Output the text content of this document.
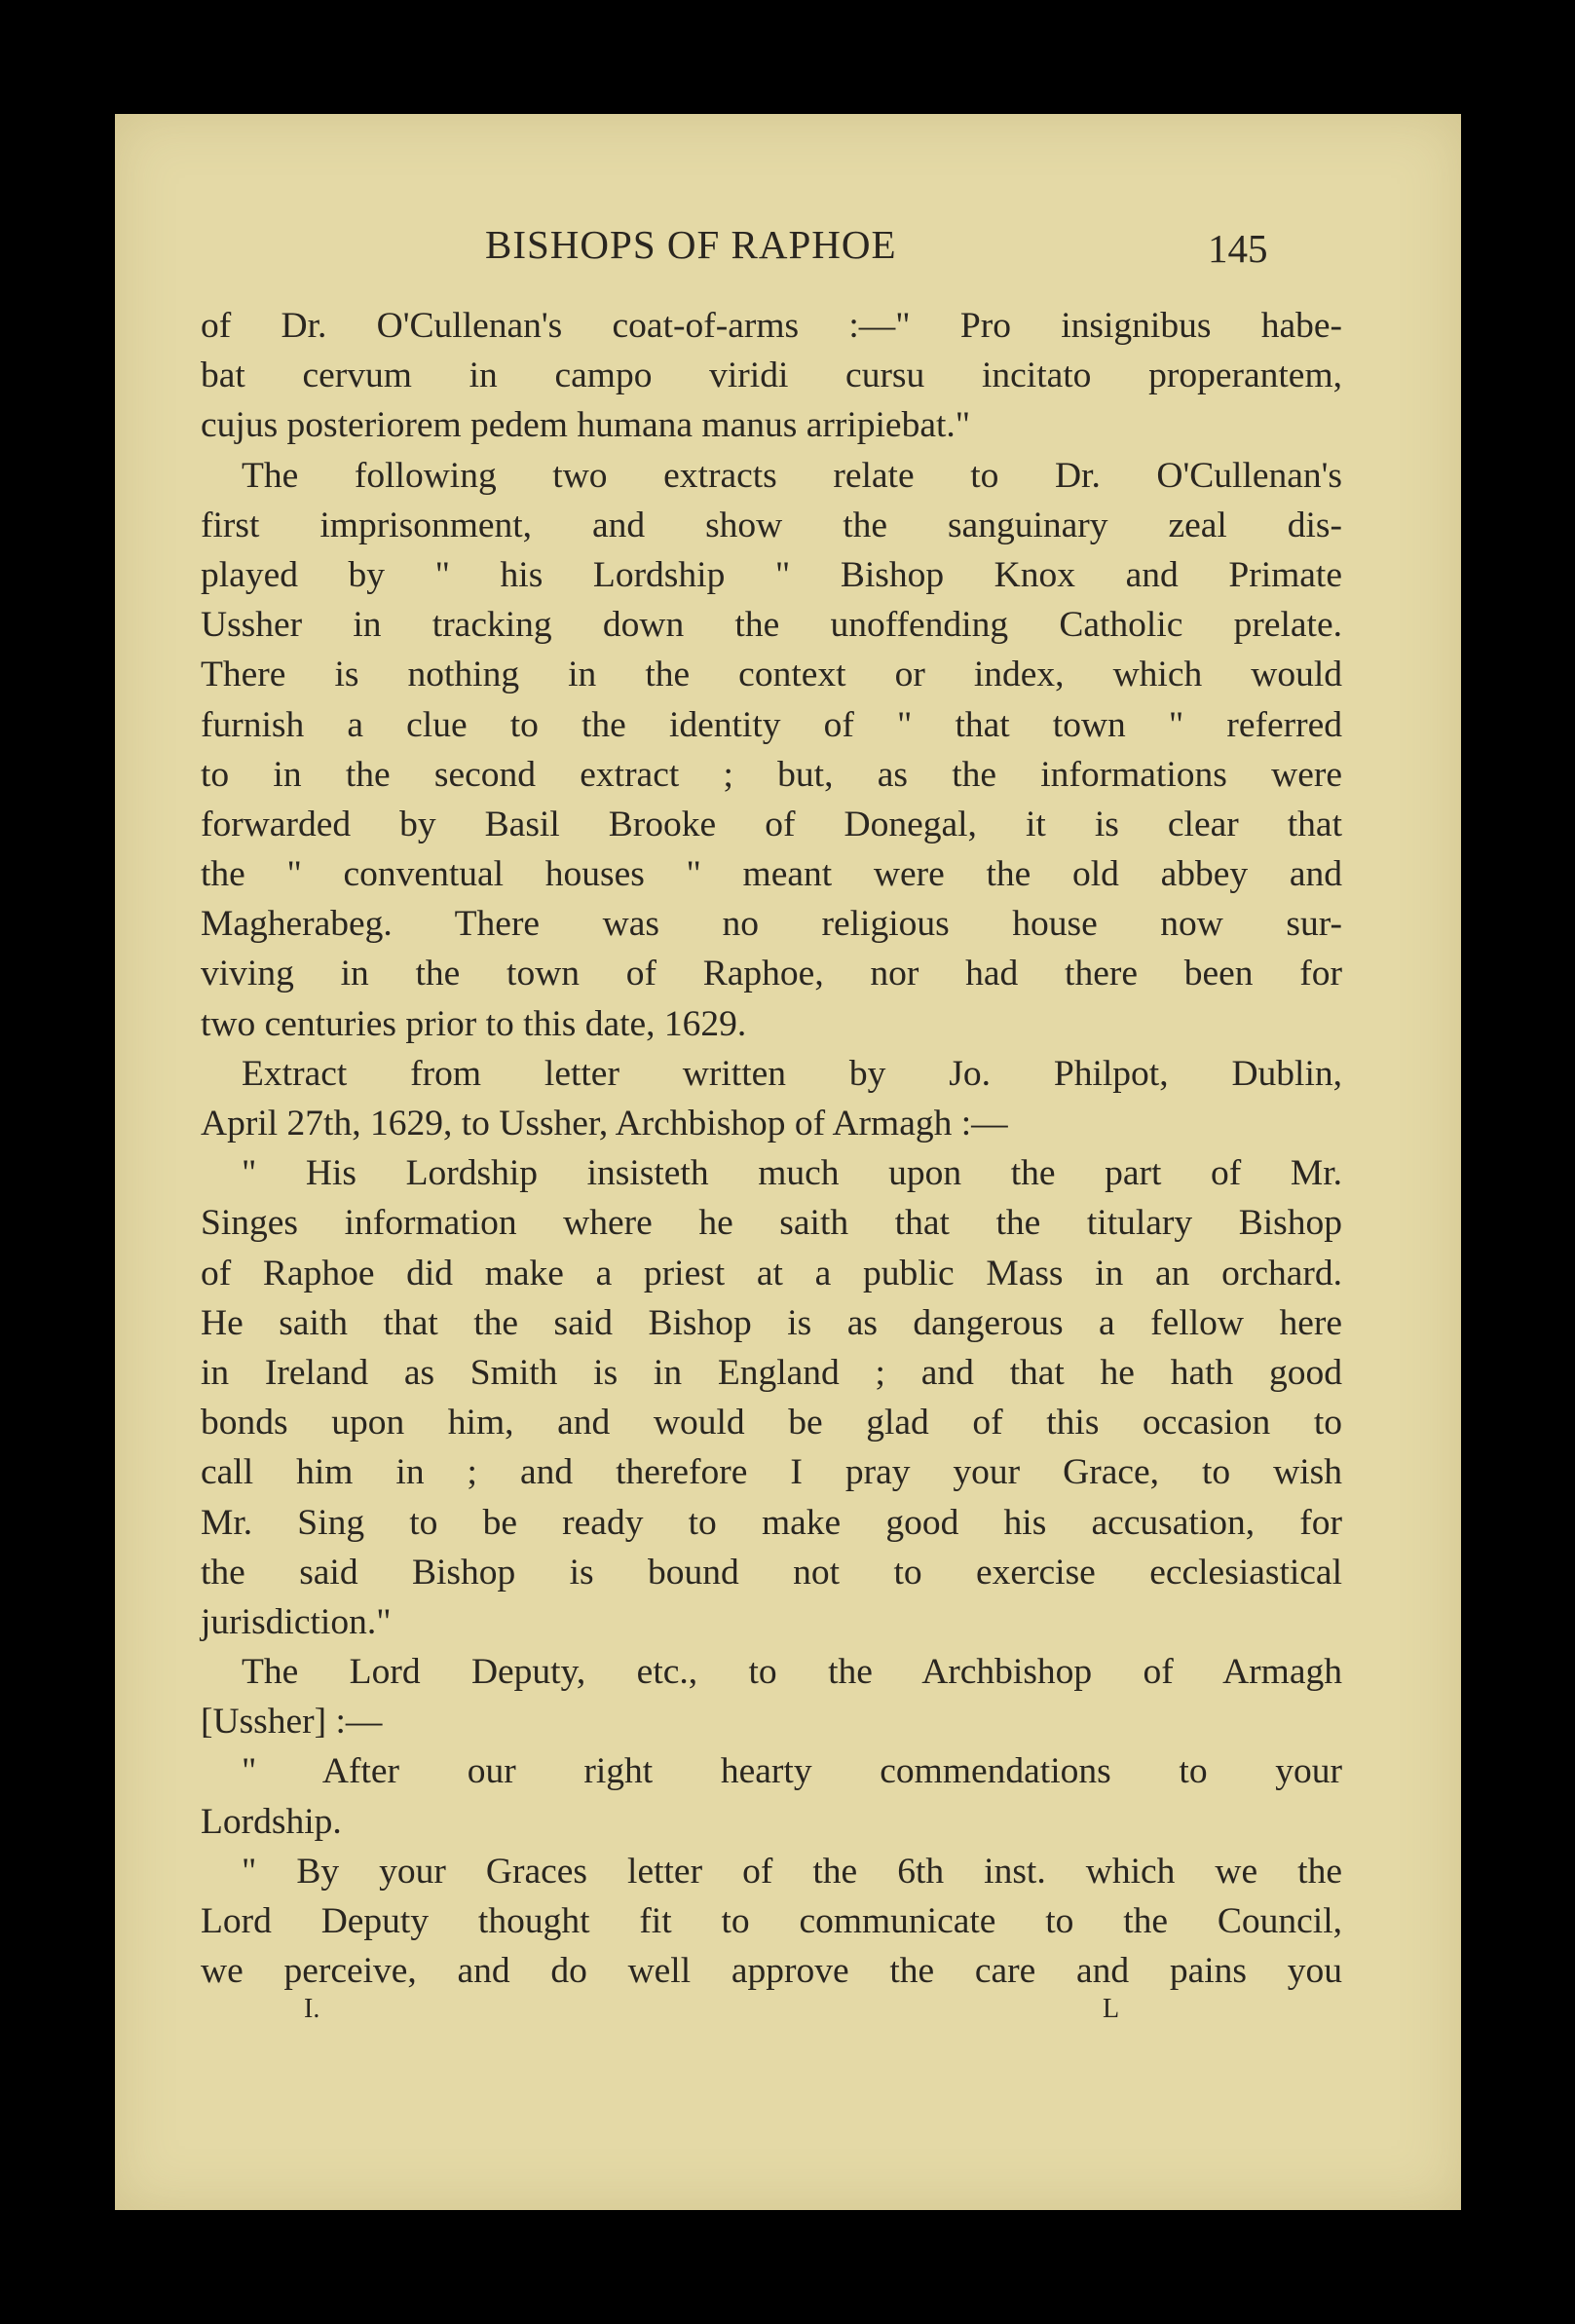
BISHOPS OF RAPHOE	145
of Dr. O'Cullenan's coat-of-arms :—" Pro insignibus habe-
bat cervum in campo viridi cursu incitato properantem,
cujus posteriorem pedem humana manus arripiebat."
The following two extracts relate to Dr. O'Cullenan's
first imprisonment, and show the sanguinary zeal dis-
played by " his Lordship " Bishop Knox and Primate
Ussher in tracking down the unoffending Catholic prelate.
There is nothing in the context or index, which would
furnish a clue to the identity of " that town " referred
to in the second extract ; but, as the informations were
forwarded by Basil Brooke of Donegal, it is clear that
the " conventual houses " meant were the old abbey and
Magherabeg. There was no religious house now sur-
viving in the town of Raphoe, nor had there been for
two centuries prior to this date, 1629.
Extract from letter written by Jo. Philpot, Dublin,
April 27th, 1629, to Ussher, Archbishop of Armagh :—
" His Lordship insisteth much upon the part of Mr.
Singes information where he saith that the titulary Bishop
of Raphoe did make a priest at a public Mass in an orchard.
He saith that the said Bishop is as dangerous a fellow here
in Ireland as Smith is in England ; and that he hath good
bonds upon him, and would be glad of this occasion to
call him in ; and therefore I pray your Grace, to wish
Mr. Sing to be ready to make good his accusation, for
the said Bishop is bound not to exercise ecclesiastical
jurisdiction."
The Lord Deputy, etc., to the Archbishop of Armagh
[Ussher] :—
" After our right hearty commendations to your
Lordship.
" By your Graces letter of the 6th inst. which we the
Lord Deputy thought fit to communicate to the Council,
we perceive, and do well approve the care and pains you
I.	L
